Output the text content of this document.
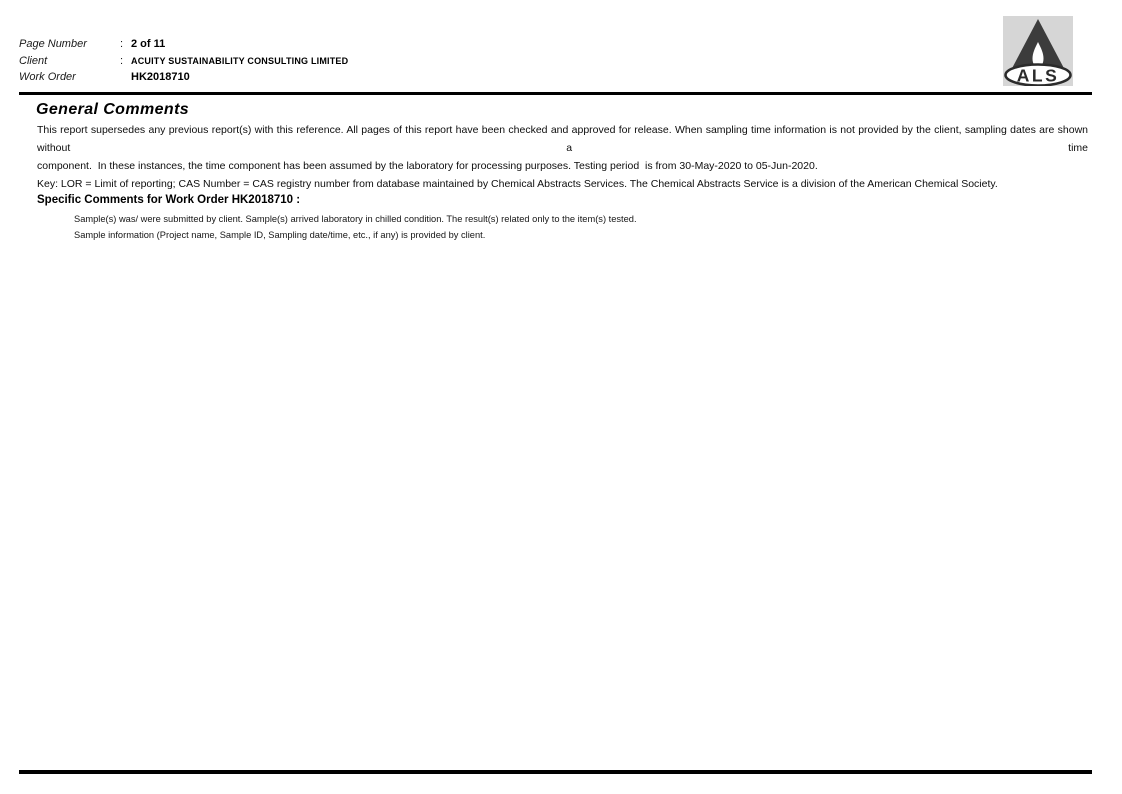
Page Number	: 2 of 11
Client	: ACUITY SUSTAINABILITY CONSULTING LIMITED
Work Order	HK2018710	ALS
General Comments
This report supersedes any previous report(s) with this reference. All pages of this report have been checked and approved for release. When sampling time information is not provided by the client, sampling dates are shown without a time
component.  In these instances, the time component has been assumed by the laboratory for processing purposes. Testing period  is from 30-May-2020 to 05-Jun-2020.
Key: LOR = Limit of reporting; CAS Number = CAS registry number from database maintained by Chemical Abstracts Services. The Chemical Abstracts Service is a division of the American Chemical Society.
Specific Comments for Work Order HK2018710 :
Sample(s) was/ were submitted by client. Sample(s) arrived laboratory in chilled condition. The result(s) related only to the item(s) tested.
Sample information (Project name, Sample ID, Sampling date/time, etc., if any) is provided by client.
